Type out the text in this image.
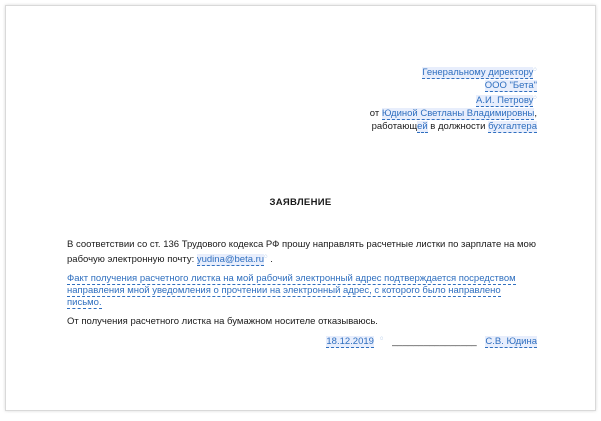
Генеральному директору◌
ООО "Бета"
А.И. Петрову◌
от Юдиной Светланы Владимировны,
работающей в должности бухгалтера
ЗАЯВЛЕНИЕ
В соответствии со ст. 136 Трудового кодекса РФ прошу направлять расчетные листки по зарплате на мою рабочую электронную почту: yudina@beta.ru◌ .
Факт получения расчетного листка на мой рабочий электронный адрес подтверждается посредством направления мной уведомления о прочтении на электронный адрес, с которого было направлено письмо.
От получения расчетного листка на бумажном носителе отказываюсь.
18.12.2019 ◌ ________________ С.В. Юдина
